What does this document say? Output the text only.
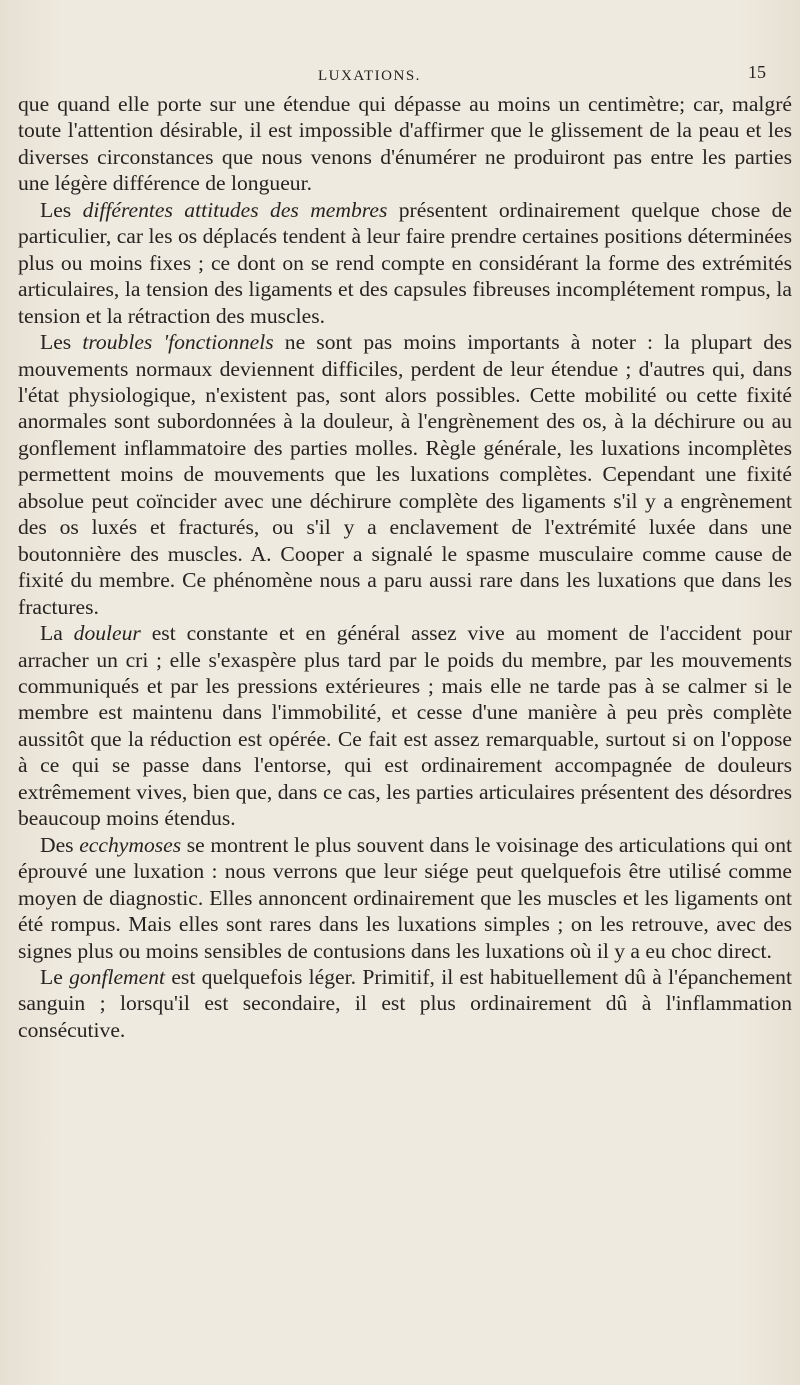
LUXATIONS.	15

que quand elle porte sur une étendue qui dépasse au moins un centimètre; car, malgré toute l'attention désirable, il est impossible d'affirmer que le glissement de la peau et les diverses circonstances que nous venons d'énumérer ne produiront pas entre les parties une légère différence de longueur.

Les différentes attitudes des membres présentent ordinairement quelque chose de particulier, car les os déplacés tendent à leur faire prendre certaines positions déterminées plus ou moins fixes ; ce dont on se rend compte en considérant la forme des extrémités articulaires, la tension des ligaments et des capsules fibreuses incomplétement rompus, la tension et la rétraction des muscles.

Les troubles 'fonctionnels ne sont pas moins importants à noter : la plupart des mouvements normaux deviennent difficiles, perdent de leur étendue ; d'autres qui, dans l'état physiologique, n'existent pas, sont alors possibles. Cette mobilité ou cette fixité anormales sont subordonnées à la douleur, à l'engrènement des os, à la déchirure ou au gonflement inflammatoire des parties molles. Règle générale, les luxations incomplètes permettent moins de mouvements que les luxations complètes. Cependant une fixité absolue peut coïncider avec une déchirure complète des ligaments s'il y a engrènement des os luxés et fracturés, ou s'il y a enclavement de l'extrémité luxée dans une boutonnière des muscles. A. Cooper a signalé le spasme musculaire comme cause de fixité du membre. Ce phénomène nous a paru aussi rare dans les luxations que dans les fractures.

La douleur est constante et en général assez vive au moment de l'accident pour arracher un cri ; elle s'exaspère plus tard par le poids du membre, par les mouvements communiqués et par les pressions extérieures ; mais elle ne tarde pas à se calmer si le membre est maintenu dans l'immobilité, et cesse d'une manière à peu près complète aussitôt que la réduction est opérée. Ce fait est assez remarquable, surtout si on l'oppose à ce qui se passe dans l'entorse, qui est ordinairement accompagnée de douleurs extrêmement vives, bien que, dans ce cas, les parties articulaires présentent des désordres beaucoup moins étendus.

Des ecchymoses se montrent le plus souvent dans le voisinage des articulations qui ont éprouvé une luxation : nous verrons que leur siége peut quelquefois être utilisé comme moyen de diagnostic. Elles annoncent ordinairement que les muscles et les ligaments ont été rompus. Mais elles sont rares dans les luxations simples ; on les retrouve, avec des signes plus ou moins sensibles de contusions dans les luxations où il y a eu choc direct.

Le gonflement est quelquefois léger. Primitif, il est habituellement dû à l'épanchement sanguin ; lorsqu'il est secondaire, il est plus ordinairement dû à l'inflammation consécutive.
